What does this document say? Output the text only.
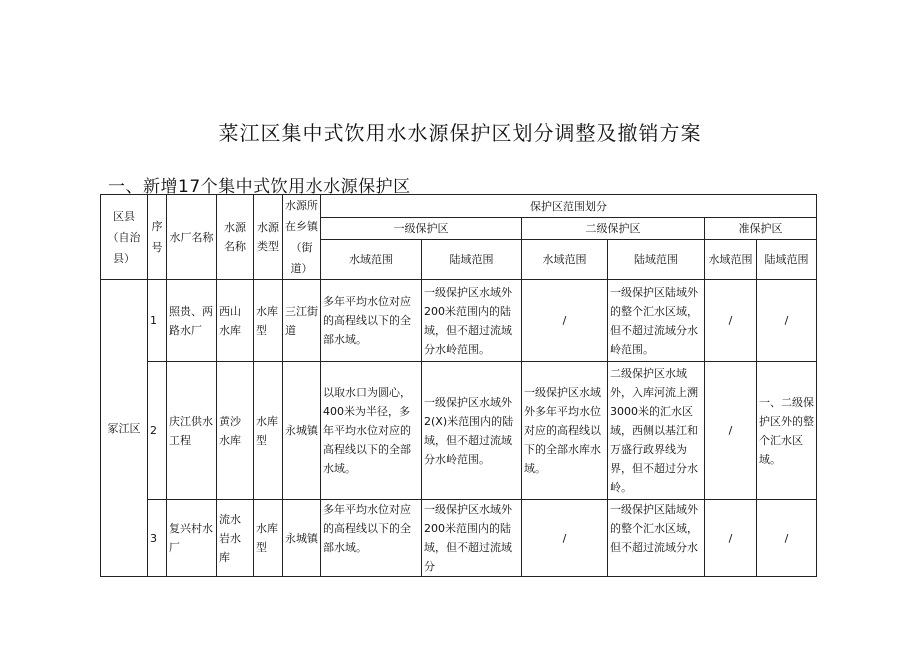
菜江区集中式饮用水水源保护区划分调整及撤销方案
一、新增17个集中式饮用水水源保护区
区县（自治县）	序号	水厂名称	水源名称	水源类型	水源所在乡镇（街道）	保护区范围划分					
						一级保护区		二级保护区		准保护区	
						水域范围	陆域范围	水域范围	陆域范围	水域范围	陆域范围
冢江区	1	照贵、两路水厂	西山水库	水库型	三江街道	多年平均水位对应的高程线以下的全部水域。	一级保护区水域外200米范围内的陆域，但不超过流域分水岭范围。	/	一级保护区陆域外的整个汇水区域，但不超过流域分水岭范围。	/	/
	2	庆江供水工程	黄沙水库	水库型	永城镇	以取水口为圆心，400米为半径，多年平均水位对应的高程线以下的全部水域。	一级保护区水域外2(X)米范围内的陆域，但不超过流域分水岭范围。	一级保护区水域外多年平均水位对应的高程线以下的全部水库水域。	二级保护区水域外，入库河流上溯3000米的汇水区域，西侧以基江和万盛行政界线为界，但不超过分水岭。	/	一、二级保护区外的整个汇水区域。
	3	复兴村水厂	流水岩水库	水库型	永城镇	多年平均水位对应的高程线以下的全部水域。	一级保护区水域外200米范围内的陆域，但不超过流域分	/	一级保护区陆域外的整个汇水区域，但不超过流域分水	/	/
